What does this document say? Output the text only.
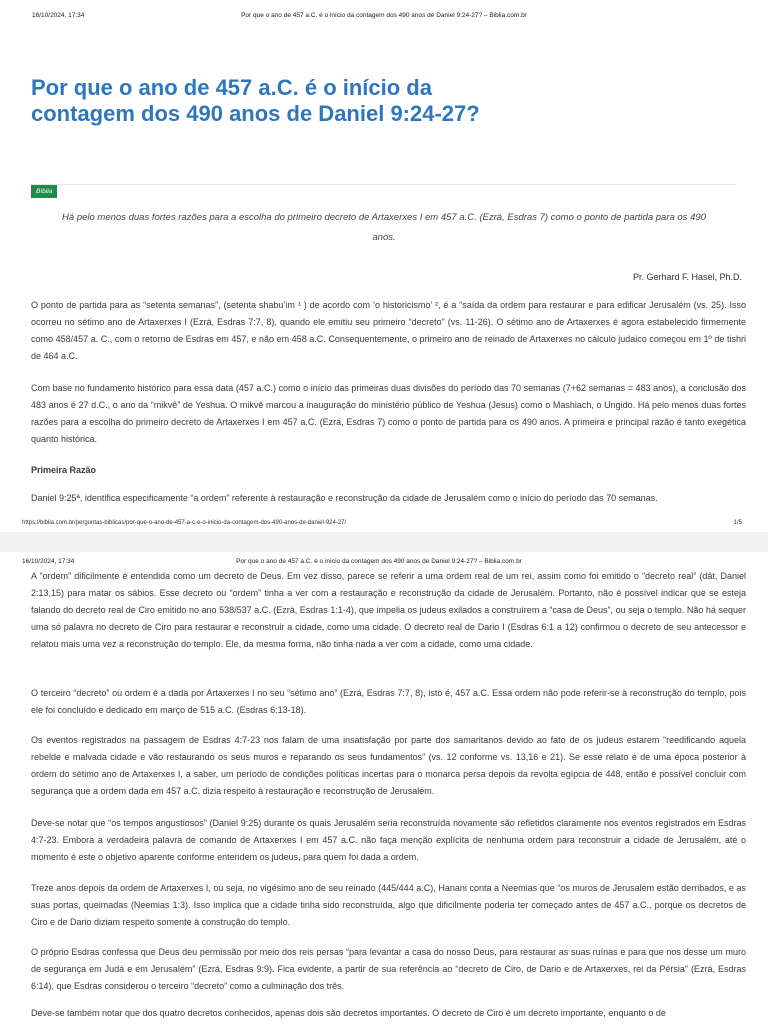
16/10/2024, 17:34	Por que o ano de 457 a.C. é o início da contagem dos 490 anos de Daniel 9:24-27? – Biblia.com.br
Por que o ano de 457 a.C. é o início da contagem dos 490 anos de Daniel 9:24-27?
Bíblia

Há pelo menos duas fortes razões para a escolha do primeiro decreto de Artaxerxes I em 457 a.C. (Ezrá, Esdras 7) como o ponto de partida para os 490 anos.

Pr. Gerhard F. Hasel, Ph.D.

O ponto de partida para as “setenta semanas”, (setenta shabu’im ¹ ) de acordo com ‘o historicismo’ ², é a “saída da ordem para restaurar e para edificar Jerusalém (vs. 25). Isso ocorreu no sétimo ano de Artaxerxes I (Ezrá, Esdras 7:7, 8), quando ele emitiu seu primeiro “decreto” (vs. 11-26). O sétimo ano de Artaxerxes é agora estabelecido firmemente como 458/457 a. C., com o retorno de Esdras em 457, e não em 458 a.C. Consequentemente, o primeiro ano de reinado de Artaxerxes no cálculo judaico começou em 1º de tishri de 464 a.C.

Com base no fundamento histórico para essa data (457 a.C.) como o início das primeiras duas divisões do período das 70 semanas (7+62 semanas = 483 anos), a conclusão dos 483 anos é 27 d.C., o ano da “mikvê” de Yeshua. O mikvê marcou a inauguração do ministério público de Yeshua (Jesus) como o Mashiach, o Ungido. Há pelo menos duas fortes razões para a escolha do primeiro decreto de Artaxerxes I em 457 a.C. (Ezrá, Esdras 7) como o ponto de partida para os 490 anos. A primeira e principal razão é tanto exegética quanto histórica.

Primeira Razão

Daniel 9:25ª, identifica especificamente “a ordem” referente à restauração e reconstrução da cidade de Jerusalém como o início do período das 70 semanas.

https://biblia.com.br/perguntas-biblicas/por-que-o-ano-de-457-a-c-e-o-inicio-da-contagem-dos-490-anos-de-daniel-924-27/	1/5
16/10/2024, 17:34	Por que o ano de 457 a.C. é o início da contagem dos 490 anos de Daniel 9:24-27? – Biblia.com.br

A “ordem” dificilmente é entendida como um decreto de Deus. Em vez disso, parece se referir a uma ordem real de um rei, assim como foi emitido o “decreto real” (dât, Daniel 2:13,15) para matar os sábios. Esse decreto ou “ordem” tinha a ver com a restauração e reconstrução da cidade de Jerusalém. Portanto, não é possível indicar que se esteja falando do decreto real de Ciro emitido no ano 538/537 a.C. (Ezrá, Esdras 1:1-4), que impelia os judeus exilados a construírem a “casa de Deus”, ou seja o templo. Não há sequer uma só palavra no decreto de Ciro para restaurar e reconstruir a cidade, como uma cidade. O decreto real de Dario I (Esdras 6:1 a 12) confirmou o decreto de seu antecessor e relatou mais uma vez a reconstrução do templo. Ele, da mesma forma, não tinha nada a ver com a cidade, como uma cidade.

O terceiro “decreto” ou ordem é a dada por Artaxerxes I no seu “sétimo ano” (Ezrá, Esdras 7:7, 8), isto é, 457 a.C. Essa ordem não pode referir-se à reconstrução do templo, pois ele foi concluído e dedicado em março de 515 a.C. (Esdras 6:13-18).

Os eventos registrados na passagem de Esdras 4:7-23 nos falam de uma insatisfação por parte dos samaritanos devido ao fato de os judeus estarem “reedificando aquela rebelde e malvada cidade e vão restaurando os seus muros e reparando os seus fundamentos” (vs. 12 conforme vs. 13,16 e 21). Se esse relato é de uma época posterior à ordem do sétimo ano de Artaxerxes I, a saber, um período de condições políticas incertas para o monarca persa depois da revolta egípcia de 448, então é possível concluir com segurança que a ordem dada em 457 a.C. dizia respeito à restauração e reconstrução de Jerusalém.

Deve-se notar que “os tempos angustiosos” (Daniel 9:25) durante os quais Jerusalém seria reconstruída novamente são refletidos claramente nos eventos registrados em Esdras 4:7-23. Embora a verdadeira palavra de comando de Artaxerxes I em 457 a.C. não faça menção explícita de nenhuma ordem para reconstruir a cidade de Jerusalém, até o momento é este o objetivo aparente conforme entendem os judeus, para quem foi dada a ordem.

Treze anos depois da ordem de Artaxerxes I, ou seja, no vigésimo ano de seu reinado (445/444 a.C), Hanani conta a Neemias que “os muros de Jerusalém estão derribados, e as suas portas, queimadas (Neemias 1:3). Isso implica que a cidade tinha sido reconstruída, algo que dificilmente poderia ter começado antes de 457 a.C., porque os decretos de Ciro e de Dario diziam respeito somente à construção do templo.

O próprio Esdras confessa que Deus deu permissão por meio dos reis persas “para levantar a casa do nosso Deus, para restaurar as suas ruínas e para que nos desse um muro de segurança em Judá e em Jerusalém” (Ezrá, Esdras 9:9). Fica evidente, a partir de sua referência ao “decreto de Ciro, de Dario e de Artaxerxes, rei da Pérsia” (Ezrá, Esdras 6:14), que Esdras considerou o terceiro “decreto” como a culminação dos três.

Deve-se também notar que dos quatro decretos conhecidos, apenas dois são decretos importantes. O decreto de Ciro é um decreto importante, enquanto o de
